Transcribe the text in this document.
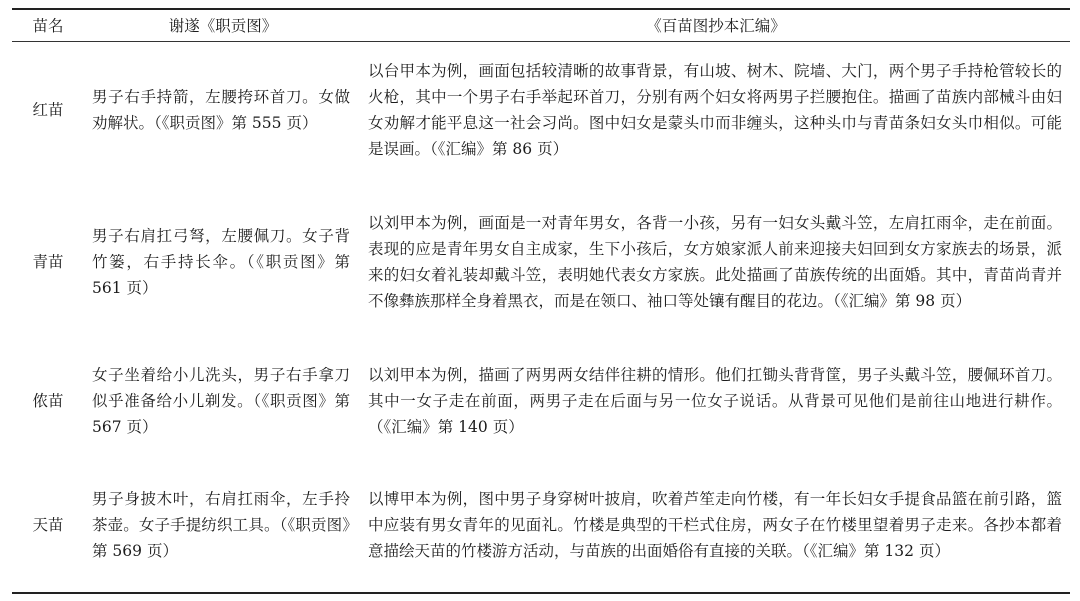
苗名	谢遂《职贡图》	《百苗图抄本汇编》
红苗	男子右手持箭，左腰挎环首刀。女做劝解状。（《职贡图》第 555 页）	以台甲本为例，画面包括较清晰的故事背景，有山坡、树木、院墙、大门，两个男子手持枪管较长的火枪，其中一个男子右手举起环首刀，分别有两个妇女将两男子拦腰抱住。描画了苗族内部械斗由妇女劝解才能平息这一社会习尚。图中妇女是蒙头巾而非缠头，这种头巾与青苗条妇女头巾相似。可能是误画。（《汇编》第 86 页）
青苗	男子右肩扛弓弩，左腰佩刀。女子背竹篓，右手持长伞。（《职贡图》第 561 页）	以刘甲本为例，画面是一对青年男女，各背一小孩，另有一妇女头戴斗笠，左肩扛雨伞，走在前面。表现的应是青年男女自主成家，生下小孩后，女方娘家派人前来迎接夫妇回到女方家族去的场景，派来的妇女着礼装却戴斗笠，表明她代表女方家族。此处描画了苗族传统的出面婚。其中，青苗尚青并不像彝族那样全身着黑衣，而是在领口、袖口等处镶有醒目的花边。（《汇编》第 98 页）
侬苗	女子坐着给小儿洗头，男子右手拿刀似乎准备给小儿剃发。（《职贡图》第 567 页）	以刘甲本为例，描画了两男两女结伴往耕的情形。他们扛锄头背背筐，男子头戴斗笠，腰佩环首刀。其中一女子走在前面，两男子走在后面与另一位女子说话。从背景可见他们是前往山地进行耕作。（《汇编》第 140 页）
天苗	男子身披木叶，右肩扛雨伞，左手拎茶壶。女子手提纺织工具。（《职贡图》第 569 页）	以博甲本为例，图中男子身穿树叶披肩，吹着芦笙走向竹楼，有一年长妇女手提食品篮在前引路，篮中应装有男女青年的见面礼。竹楼是典型的干栏式住房，两女子在竹楼里望着男子走来。各抄本都着意描绘天苗的竹楼游方活动，与苗族的出面婚俗有直接的关联。（《汇编》第 132 页）
